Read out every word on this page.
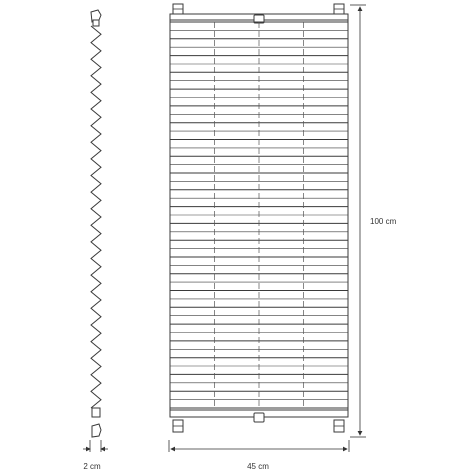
2 cm	45 cm
100 cm
